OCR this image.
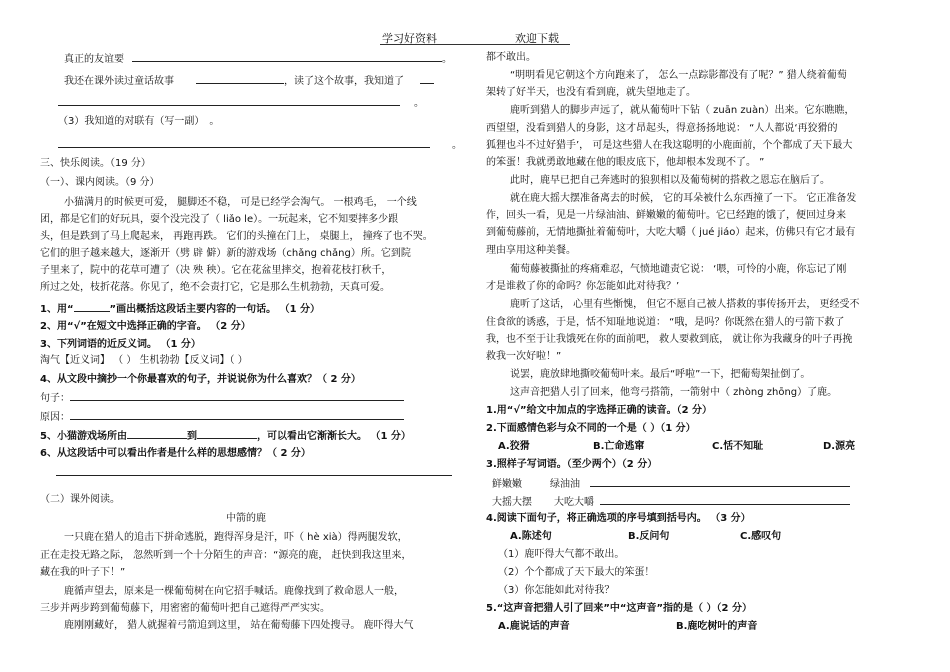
学习好资料	欢迎下载
真正的友谊要	。
我还在课外读过童话故事	，读了这个故事，我知道了
。
（3）我知道的对联有（写一副） 。
。
三、快乐阅读。（19 分）
（一）、课内阅读。（9 分）
小猫满月的时候更可爱， 腿脚还不稳， 可是已经学会淘气。 一根鸡毛， 一个线
团，都是它们的好玩具，耍个没完没了（ liǎo le）。一玩起来，它不知要摔多少跟
头，但是跌到了马上爬起来， 再跑再跌。 它们的头撞在门上， 桌腿上， 撞疼了也不哭。
它们的胆子越来越大，逐渐开（劈 辟 僻）新的游戏场（chǎng chǎng）所。它到院
子里来了，院中的花草可遭了（决 殃 秧）。它在花盆里摔交，抱着花枝打秋千，
所过之处，枝折花落。你见了，绝不会责打它，它是那么生机勃勃，天真可爱。
1、用“	”画出概括这段话主要内容的一句话。 （1 分）
2、用“√”在短文中选择正确的字音。 （2 分）
3、下列词语的近反义词。 （1 分）
淘气【近义词】 （ ） 生机勃勃【反义词】（ ）
4、从文段中摘抄一个你最喜欢的句子，并说说你为什么喜欢？（ 2 分）
句子：
原因：
5、小猫游戏场所由	到	，可以看出它渐渐长大。 （1 分）
6、从这段话中可以看出作者是什么样的思想感情？（ 2 分）
（二）课外阅读。
中箭的鹿
一只鹿在猎人的追击下拼命逃脱，跑得浑身是汗，吓（ hè xià）得两腿发软，
正在走投无路之际， 忽然听到一个十分陌生的声音：“源亮的鹿， 赶快到我这里来，
藏在我的叶子下！”
鹿循声望去，原来是一棵葡萄树在向它招手喊话。鹿像找到了救命恩人一般，
三步并两步跨到葡萄藤下，用密密的葡萄叶把自己遮得严严实实。
鹿刚刚藏好， 猎人就握着弓箭追到这里， 站在葡萄藤下四处搜寻。 鹿吓得大气
都不敢出。
“明明看见它朝这个方向跑来了， 怎么一点踪影都没有了呢？” 猎人绕着葡萄
架转了好半天，也没有看到鹿，就失望地走了。
鹿听到猎人的脚步声远了，就从葡萄叶下钻（ zuān zuàn）出来。它东瞧瞧，
西望望，没看到猎人的身影，这才昂起头，得意扬扬地说： “人人都说‘再狡猾的
狐狸也斗不过好猎手’， 可是这些猎人在我这聪明的小鹿面前，个个都成了天下最大
的笨蛋！我就勇敢地藏在他的眼皮底下，他却根本发现不了。 ”
此时，鹿早已把自己奔逃时的狼狈相以及葡萄树的搭救之恩忘在脑后了。
就在鹿大摇大摆准备离去的时候， 它的耳朵被什么东西撞了一下。 它正准备发
作，回头一看，见是一片绿油油、鲜嫩嫩的葡萄叶。它已经跑的饿了，便回过身来
到葡萄藤前，无情地撕扯着葡萄叶，大吃大嚼（ jué jiáo）起来，仿佛只有它才最有
理由享用这种美餐。
葡萄藤被撕扯的疼痛难忍，气愤地谴责它说： ‘喂，可怜的小鹿，你忘记了刚
才是谁救了你的命吗？你怎能如此对待我？’
鹿听了这话， 心里有些惭愧， 但它不愿自己被人搭救的事传扬开去， 更经受不
住食欲的诱惑，于是，恬不知耻地说道： “哦，是吗？你既然在猎人的弓箭下救了
我，也不至于让我饿死在你的面前吧， 救人要救到底， 就让你为我藏身的叶子再挽
救我一次好啦！”
说罢，鹿放肆地撕咬葡萄叶来。最后“呼啦”一下，把葡萄架扯倒了。
这声音把猎人引了回来，他弯弓搭箭，一箭射中（ zhòng zhōng）了鹿。
1.用“√”给文中加点的字选择正确的读音。（2 分）
2.下面感情色彩与众不同的一个是（ ）（1 分）
A.狡猾	B.亡命逃窜	C.恬不知耻	D.源亮
3.照样子写词语。（至少两个）（2 分）
鲜嫩嫩	绿油油
大摇大摆 大吃大嚼
4.阅读下面句子，将正确选项的序号填到括号内。 （3 分）
A.陈述句	B.反问句	C.感叹句
（1）鹿吓得大气都不敢出。
（2）个个都成了天下最大的笨蛋！
（3）你怎能如此对待我？
5.“这声音把猎人引了回来”中“这声音”指的是（ ）（2 分）
A.鹿说话的声音	B.鹿吃树叶的声音
